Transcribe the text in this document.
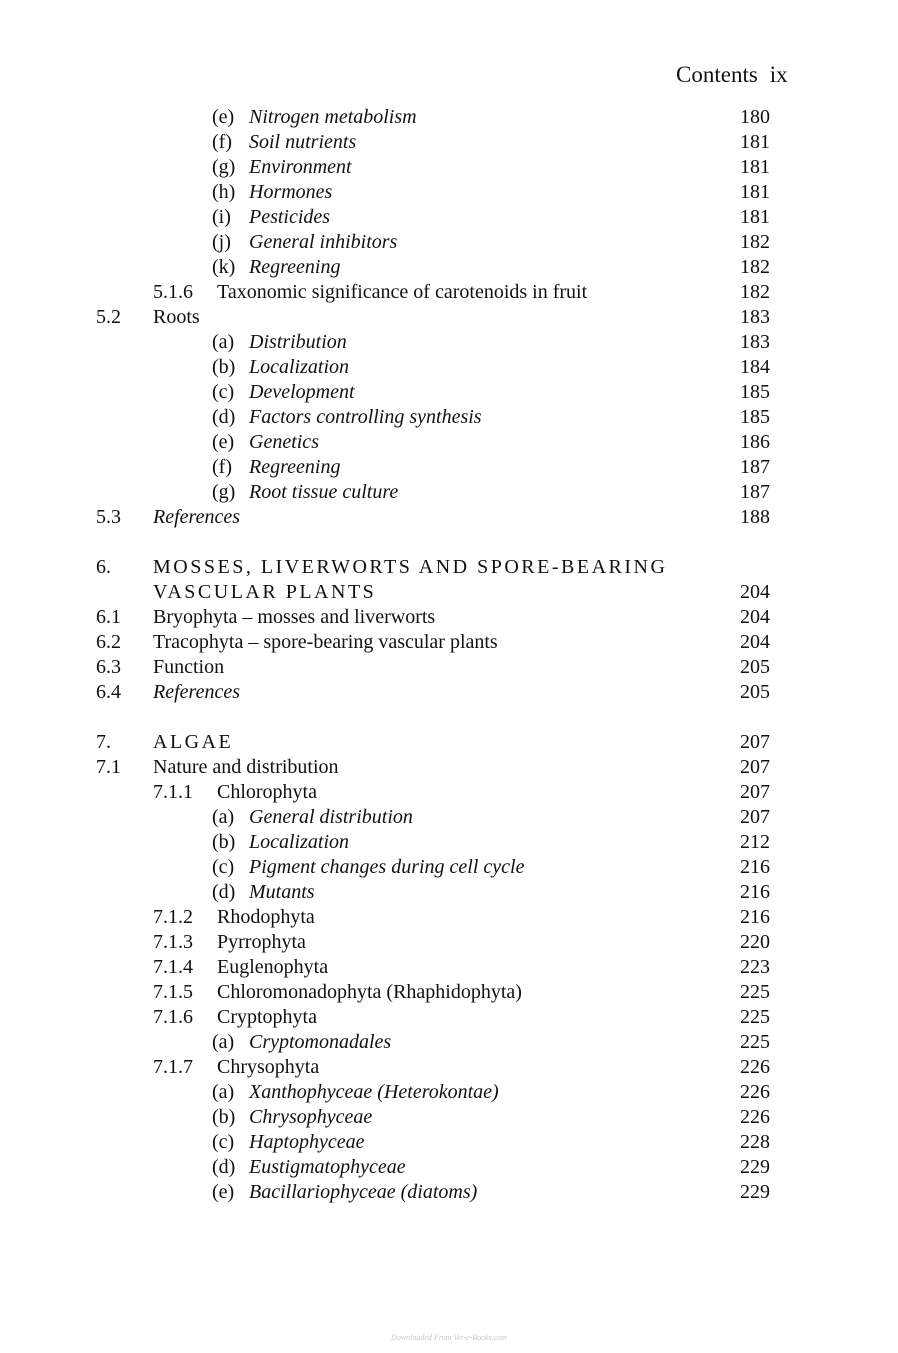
Contents ix
(e) Nitrogen metabolism	180
(f) Soil nutrients	181
(g) Environment	181
(h) Hormones	181
(i) Pesticides	181
(j) General inhibitors	182
(k) Regreening	182
5.1.6 Taxonomic significance of carotenoids in fruit	182
5.2 Roots	183
(a) Distribution	183
(b) Localization	184
(c) Development	185
(d) Factors controlling synthesis	185
(e) Genetics	186
(f) Regreening	187
(g) Root tissue culture	187
5.3 References	188
6. MOSSES, LIVERWORTS AND SPORE-BEARING
VASCULAR PLANTS	204
6.1 Bryophyta – mosses and liverworts	204
6.2 Tracophyta – spore-bearing vascular plants	204
6.3 Function	205
6.4 References	205
7. ALGAE	207
7.1 Nature and distribution	207
7.1.1 Chlorophyta	207
(a) General distribution	207
(b) Localization	212
(c) Pigment changes during cell cycle	216
(d) Mutants	216
7.1.2 Rhodophyta	216
7.1.3 Pyrrophyta	220
7.1.4 Euglenophyta	223
7.1.5 Chloromonadophyta (Rhaphidophyta)	225
7.1.6 Cryptophyta	225
(a) Cryptomonadales	225
7.1.7 Chrysophyta	226
(a) Xanthophyceae (Heterokontae)	226
(b) Chrysophyceae	226
(c) Haptophyceae	228
(d) Eustigmatophyceae	229
(e) Bacillariophyceae (diatoms)	229
Downloaded From Vet-e-Books.com
